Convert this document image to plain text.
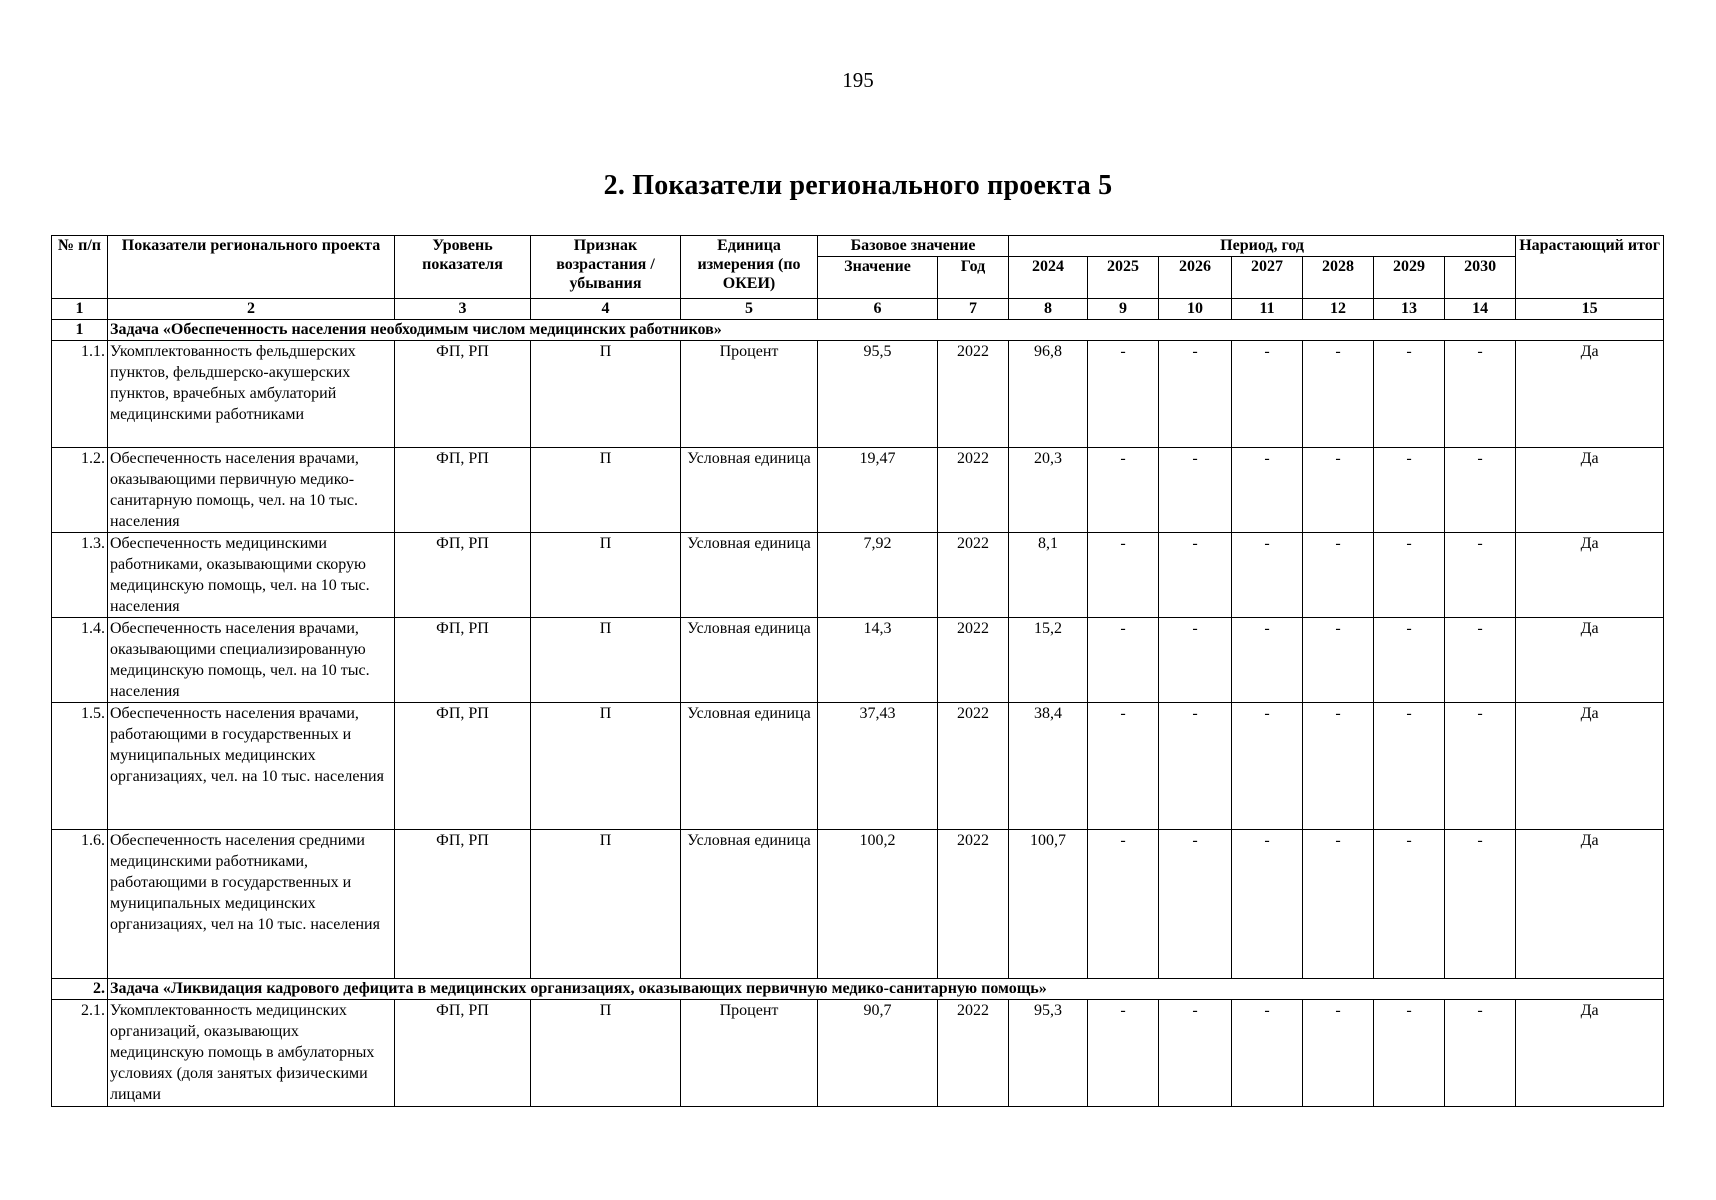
195
2. Показатели регионального проекта 5
№ п/п	Показатели регионального проекта	Уровень показателя	Признак возрастания / убывания	Единица измерения (по ОКЕИ)	Базовое значение		Период, год							Нарастающий итог
					Значение	Год	2024	2025	2026	2027	2028	2029	2030	
1	2	3	4	5	6	7	8	9	10	11	12	13	14	15
1	Задача «Обеспеченность населения необходимым числом медицинских работников»													
1.1.	Укомплектованность фельдшерских пунктов, фельдшерско-акушерских пунктов, врачебных амбулаторий медицинскими работниками	ФП, РП	П	Процент	95,5	2022	96,8	-	-	-	-	-	-	Да
1.2.	Обеспеченность населения врачами, оказывающими первичную медико-санитарную помощь, чел. на 10 тыс. населения	ФП, РП	П	Условная единица	19,47	2022	20,3	-	-	-	-	-	-	Да
1.3.	Обеспеченность медицинскими работниками, оказывающими скорую медицинскую помощь, чел. на 10 тыс. населения	ФП, РП	П	Условная единица	7,92	2022	8,1	-	-	-	-	-	-	Да
1.4.	Обеспеченность населения врачами, оказывающими специализированную медицинскую помощь, чел. на 10 тыс. населения	ФП, РП	П	Условная единица	14,3	2022	15,2	-	-	-	-	-	-	Да
1.5.	Обеспеченность населения врачами, работающими в государственных и муниципальных медицинских организациях, чел. на 10 тыс. населения	ФП, РП	П	Условная единица	37,43	2022	38,4	-	-	-	-	-	-	Да
1.6.	Обеспеченность населения средними медицинскими работниками, работающими в государственных и муниципальных медицинских организациях, чел на 10 тыс. населения	ФП, РП	П	Условная единица	100,2	2022	100,7	-	-	-	-	-	-	Да
2.	Задача «Ликвидация кадрового дефицита в медицинских организациях, оказывающих первичную медико-санитарную помощь»													
2.1.	Укомплектованность медицинских организаций, оказывающих медицинскую помощь в амбулаторных условиях (доля занятых физическими лицами	ФП, РП	П	Процент	90,7	2022	95,3	-	-	-	-	-	-	Да
